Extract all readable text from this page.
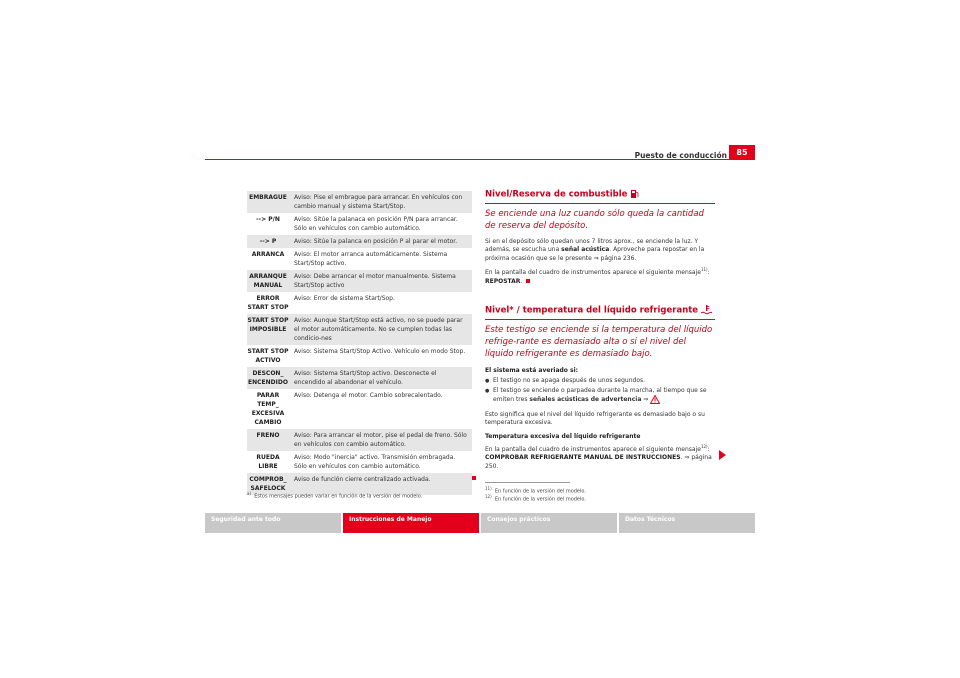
Puesto de conducción	85
EMBRAGUE	Aviso: Pise el embrague para arrancar. En vehículos con cambio manual y sistema Start/Stop.
--> P/N	Aviso: Sitúe la palanaca en posición P/N para arrancar. Sólo en vehículos con cambio automático.
--> P	Aviso: Sitúe la palanca en posición P al parar el motor.
ARRANCA	Aviso: El motor arranca automáticamente. Sistema Start/Stop activo.
ARRANQUE MANUAL	Aviso: Debe arrancar el motor manualmente. Sistema Start/Stop activo
ERROR START STOP	Aviso: Error de sistema Start/Sop.
START STOP IMPOSIBLE	Aviso: Aunque Start/Stop está activo, no se puede parar el motor automáticamente. No se cumplen todas las condicio-nes
START STOP ACTIVO	Aviso: Sistema Start/Stop Activo. Vehículo en modo Stop.
DESCON_ ENCENDIDO	Aviso: Sistema Start/Stop activo. Desconecte el encendido al abandonar el vehículo.
PARAR TEMP_ EXCESIVA CAMBIO	Aviso: Detenga el motor. Cambio sobrecalentado.
FRENO	Aviso: Para arrancar el motor, pise el pedal de freno. Sólo en vehículos con cambio automático.
RUEDA LIBRE	Aviso: Modo "inercia" activo. Transmisión embragada. Sólo en vehículos con cambio automático.
COMPROB_ SAFELOCK	Aviso de función cierre centralizado activada.
$^{a)}$  Estos mensajes pueden variar en función de la versión del modelo.
Nivel/Reserva de combustible
Se enciende una luz cuando sólo queda la cantidad de reserva del depósito.
Si en el depósito sólo quedan unos 7 litros aprox., se enciende la luz. Y además, se escucha una señal acústica. Aproveche para repostar en la próxima ocasión que se le presente ⇒ página 236.
En la pantalla del cuadro de instrumentos aparece el siguiente mensaje$^{11)}$:
REPOSTAR.
Nivel* / temperatura del líquido refrigerante
Este testigo se enciende si la temperatura del líquido refrige-rante es demasiado alta o si el nivel del líquido refrigerante es demasiado bajo.
El sistema está averiado si:
● El testigo no se apaga después de unos segundos.
● El testigo se enciende o parpadea durante la marcha, al tiempo que se emiten tres señales acústicas de advertencia ⇒
Esto significa que el nivel del líquido refrigerante es demasiado bajo o su temperatura excesiva.
Temperatura excesiva del líquido refrigerante
En la pantalla del cuadro de instrumentos aparece el siguiente mensaje$^{12)}$:
COMPROBAR REFRIGERANTE MANUAL DE INSTRUCCIONES. ⇒ página 250.
$^{11)}$  En función de la versión del modelo.
$^{12)}$  En función de la versión del modelo.
Seguridad ante todo	Instrucciones de Manejo	Consejos prácticos	Datos Técnicos
